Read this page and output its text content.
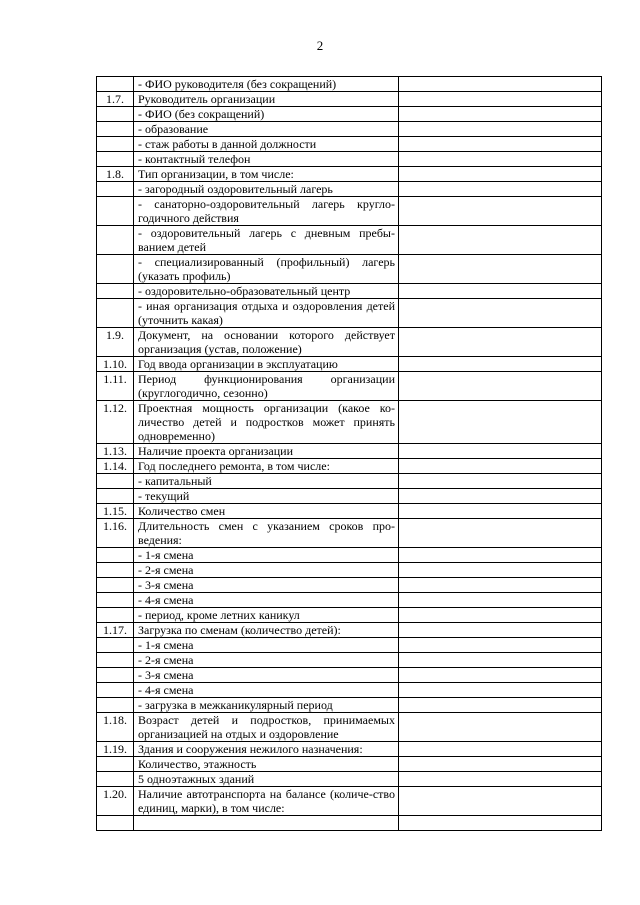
2
	- ФИО руководителя (без сокращений)	
1.7.	Руководитель организации	
	- ФИО (без сокращений)	
	- образование	
	- стаж работы в данной должности	
	- контактный телефон	
1.8.	Тип организации, в том числе:	
	- загородный оздоровительный лагерь	
	- санаторно-оздоровительный лагерь кругло-годичного действия	
	- оздоровительный лагерь с дневным пребы-ванием детей	
	- специализированный (профильный) лагерь (указать профиль)	
	- оздоровительно-образовательный центр	
	- иная организация отдыха и оздоровления детей (уточнить какая)	
1.9.	Документ, на основании которого действует организация (устав, положение)	
1.10.	Год ввода организации в эксплуатацию	
1.11.	Период функционирования организации (круглогодично, сезонно)	
1.12.	Проектная мощность организации (какое ко-личество детей и подростков может принять одновременно)	
1.13.	Наличие проекта организации	
1.14.	Год последнего ремонта, в том числе:	
	- капитальный	
	- текущий	
1.15.	Количество смен	
1.16.	Длительность смен с указанием сроков про-ведения:	
	- 1-я смена	
	- 2-я смена	
	- 3-я смена	
	- 4-я смена	
	- период, кроме летних каникул	
1.17.	Загрузка по сменам (количество детей):	
	- 1-я смена	
	- 2-я смена	
	- 3-я смена	
	- 4-я смена	
	- загрузка в межканикулярный период	
1.18.	Возраст детей и подростков, принимаемых организацией на отдых и оздоровление	
1.19.	Здания и сооружения нежилого назначения:	
	Количество, этажность	
	5 одноэтажных зданий	
1.20.	Наличие автотранспорта на балансе (количе-ство единиц, марки), в том числе:	
